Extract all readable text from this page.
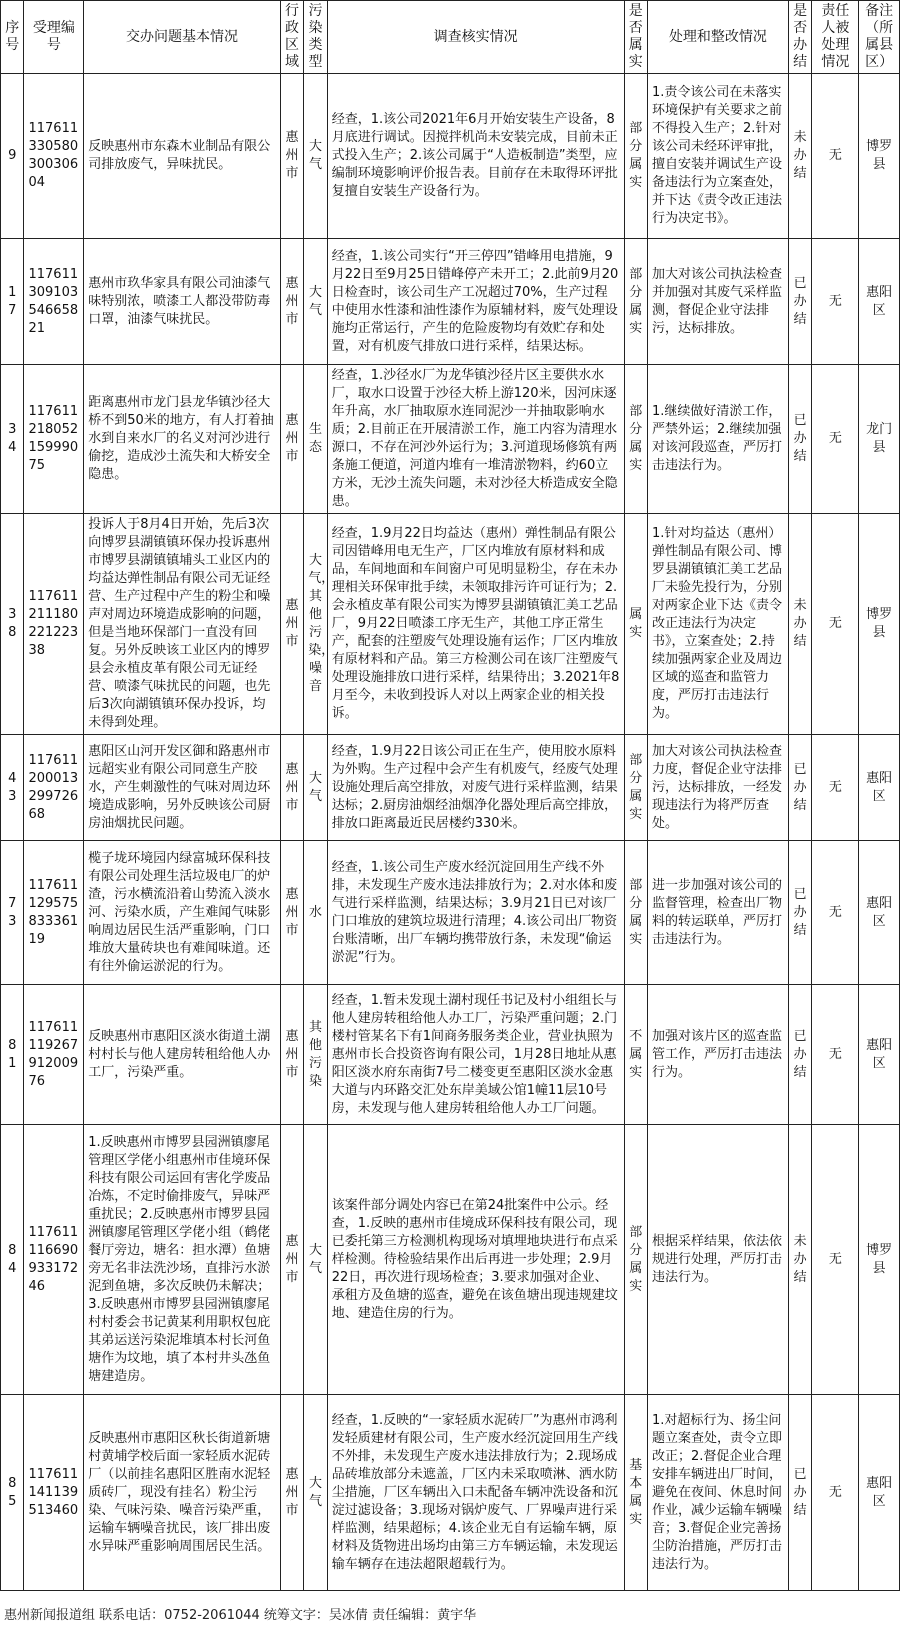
序号	受理编号	交办问题基本情况	行政区域	污染类型	调查核实情况	是否属实	处理和整改情况	是否办结	责任人被处理情况	备注（所属县区）
9	11761133058030030604	反映惠州市东森木业制品有限公司排放废气，异味扰民。	惠州市	大气	经查，1.该公司2021年6月开始安装生产设备，8月底进行调试。因搅拌机尚未安装完成，目前未正式投入生产；2.该公司属于“人造板制造”类型，应编制环境影响评价报告表。目前存在未取得环评批复擅自安装生产设备行为。	部分属实	1.责令该公司在未落实环境保护有关要求之前不得投入生产；2.针对该公司未经环评审批，擅自安装并调试生产设备违法行为立案查处，并下达《责令改正违法行为决定书》。	未办结	无	博罗县
17	11761130910354665821	惠州市玖华家具有限公司油漆气味特别浓，喷漆工人都没带防毒口罩，油漆气味扰民。	惠州市	大气	经查，1.该公司实行“开三停四”错峰用电措施，9月22日至9月25日错峰停产未开工；2.此前9月20日检查时，该公司生产工况超过70%，生产过程中使用水性漆和油性漆作为原辅材料，废气处理设施均正常运行，产生的危险废物均有效贮存和处置，对有机废气排放口进行采样，结果达标。	部分属实	加大对该公司执法检查并加强对其废气采样监测，督促企业守法排污，达标排放。	已办结	无	惠阳区
34	11761121805215999075	距离惠州市龙门县龙华镇沙径大桥不到50米的地方，有人打着抽水到自来水厂的名义对河沙进行偷挖，造成沙土流失和大桥安全隐患。	惠州市	生态	经查，1.沙径水厂为龙华镇沙径片区主要供水水厂，取水口设置于沙径大桥上游120米，因河床逐年升高，水厂抽取原水连同泥沙一并抽取影响水质；2.目前正在开展清淤工作，施工内容为清理水源口，不存在河沙外运行为；3.河道现场修筑有两条施工便道，河道内堆有一堆清淤物料，约60立方米，无沙土流失问题，未对沙径大桥造成安全隐患。	部分属实	1.继续做好清淤工作，严禁外运；2.继续加强对该河段巡查，严厉打击违法行为。	已办结	无	龙门县
38	11761121118022122338	投诉人于8月4日开始，先后3次向博罗县湖镇镇环保办投诉惠州市博罗县湖镇镇埔头工业区内的均益达弹性制品有限公司无证经营、生产过程中产生的粉尘和噪声对周边环境造成影响的问题，但是当地环保部门一直没有回复。另外反映该工业区内的博罗县会永植皮革有限公司无证经营、喷漆气味扰民的问题，也先后3次向湖镇镇环保办投诉，均未得到处理。	惠州市	大气，其他污染，噪音	经查，1.9月22日均益达（惠州）弹性制品有限公司因错峰用电无生产，厂区内堆放有原材料和成品，车间地面和车间窗户可见明显粉尘，存在未办理相关环保审批手续，未领取排污许可证行为；2.会永植皮革有限公司实为博罗县湖镇镇汇美工艺品厂，9月22日喷漆工序无生产，其他工序正常生产，配套的注塑废气处理设施有运作；厂区内堆放有原材料和产品。第三方检测公司在该厂注塑废气处理设施排放口进行采样，结果待出；3.2021年8月至今，未收到投诉人对以上两家企业的相关投诉。	属实	1.针对均益达（惠州）弹性制品有限公司、博罗县湖镇镇汇美工艺品厂未验先投行为，分别对两家企业下达《责令改正违法行为决定书》，立案查处；2.持续加强两家企业及周边区域的巡查和监管力度，严厉打击违法行为。	未办结	无	博罗县
43	11761120001329972668	惠阳区山河开发区御和路惠州市远超实业有限公司同意生产胶水，产生刺激性的气味对周边环境造成影响，另外反映该公司厨房油烟扰民问题。	惠州市	大气	经查，1.9月22日该公司正在生产，使用胶水原料为外购。生产过程中会产生有机废气，经废气处理设施处理后高空排放，对废气进行采样监测，结果达标；2.厨房油烟经油烟净化器处理后高空排放，排放口距离最近民居楼约330米。	部分属实	加大对该公司执法检查力度，督促企业守法排污，达标排放，一经发现违法行为将严厉查处。	已办结	无	惠阳区
73	11761112957583336119	榄子垅环境园内绿富城环保科技有限公司处理生活垃圾电厂的炉渣，污水横流沿着山势流入淡水河、污染水质，产生难闻气味影响周边居民生活严重影响，门口堆放大量砖块也有难闻味道。还有往外偷运淤泥的行为。	惠州市	水	经查，1.该公司生产废水经沉淀回用生产线不外排，未发现生产废水违法排放行为；2.对水体和废气进行采样监测，结果达标；3.9月21日已对该厂门口堆放的建筑垃圾进行清理；4.该公司出厂物资台账清晰，出厂车辆均携带放行条，未发现“偷运淤泥”行为。	部分属实	进一步加强对该公司的监督管理，检查出厂物料的转运联单，严厉打击违法行为。	已办结	无	惠阳区
81	11761111926791200976	反映惠州市惠阳区淡水街道土湖村村长与他人建房转租给他人办工厂，污染严重。	惠州市	其他污染	经查，1.暂未发现土湖村现任书记及村小组组长与他人建房转租给他人办工厂，污染严重问题；2.门楼村管某名下有1间商务服务类企业，营业执照为惠州市长合投资咨询有限公司，1月28日地址从惠阳区淡水府东南街7号二楼变更至惠阳区淡水金惠大道与内环路交汇处东岸美域公馆1幢11层10号房，未发现与他人建房转租给他人办工厂问题。	不属实	加强对该片区的巡查监管工作，严厉打击违法行为。	已办结	无	惠阳区
84	11761111669093317246	1.反映惠州市博罗县园洲镇廖尾管理区学佬小组惠州市佳境环保科技有限公司运回有害化学废品冶炼，不定时偷排废气，异味严重扰民；2.反映惠州市博罗县园洲镇廖尾管理区学佬小组（鹤佬餐厅旁边，塘名：担水潭）鱼塘旁无名非法洗沙场，直排污水淤泥到鱼塘，多次反映仍未解决；3.反映惠州市博罗县园洲镇廖尾村村委会书记黄某利用职权包庇其弟运送污染泥堆填本村长河鱼塘作为坟地，填了本村井头氹鱼塘建造房。	惠州市	大气	该案件部分调处内容已在第24批案件中公示。经查，1.反映的惠州市佳境成环保科技有限公司，现已委托第三方检测机构现场对填埋地块进行布点采样检测。待检验结果作出后再进一步处理；2.9月22日，再次进行现场检查；3.要求加强对企业、承租方及鱼塘的巡查，避免在该鱼塘出现违规建坟地、建造住房的行为。	部分属实	根据采样结果，依法依规进行处理，严厉打击违法行为。	未办结	无	博罗县
85	1176111411395134​60	反映惠州市惠阳区秋长街道新塘村黄埔学校后面一家轻质水泥砖厂（以前挂名惠阳区胜南水泥轻质砖厂，现没有挂名）粉尘污染、气味污染、噪音污染严重，运输车辆噪音扰民，该厂排出废水异味严重影响周围居民生活。	惠州市	大气	经查，1.反映的“一家轻质水泥砖厂”为惠州市鸿利发轻质建材有限公司，生产废水经沉淀回用生产线不外排，未发现生产废水违法排放行为；2.现场成品砖堆放部分未遮盖，厂区内未采取喷淋、洒水防尘措施，厂区车辆出入口未配备车辆冲洗设备和沉淀过滤设备；3.现场对锅炉废气、厂界噪声进行采样监测，结果超标；4.该企业无自有运输车辆，原材料及货物进出场均由第三方车辆运输，未发现运输车辆存在违法超限超载行为。	基本属实	1.对超标行为、扬尘问题立案查处，责令立即改正；2.督促企业合理安排车辆进出厂时间，避免在夜间、休息时间作业，减少运输车辆噪音；3.督促企业完善扬尘防治措施，严厉打击违法行为。	已办结	无	惠阳区
惠州新闻报道组 联系电话：0752-2061044 统筹文字：吴冰倩 责任编辑：黄宇华
